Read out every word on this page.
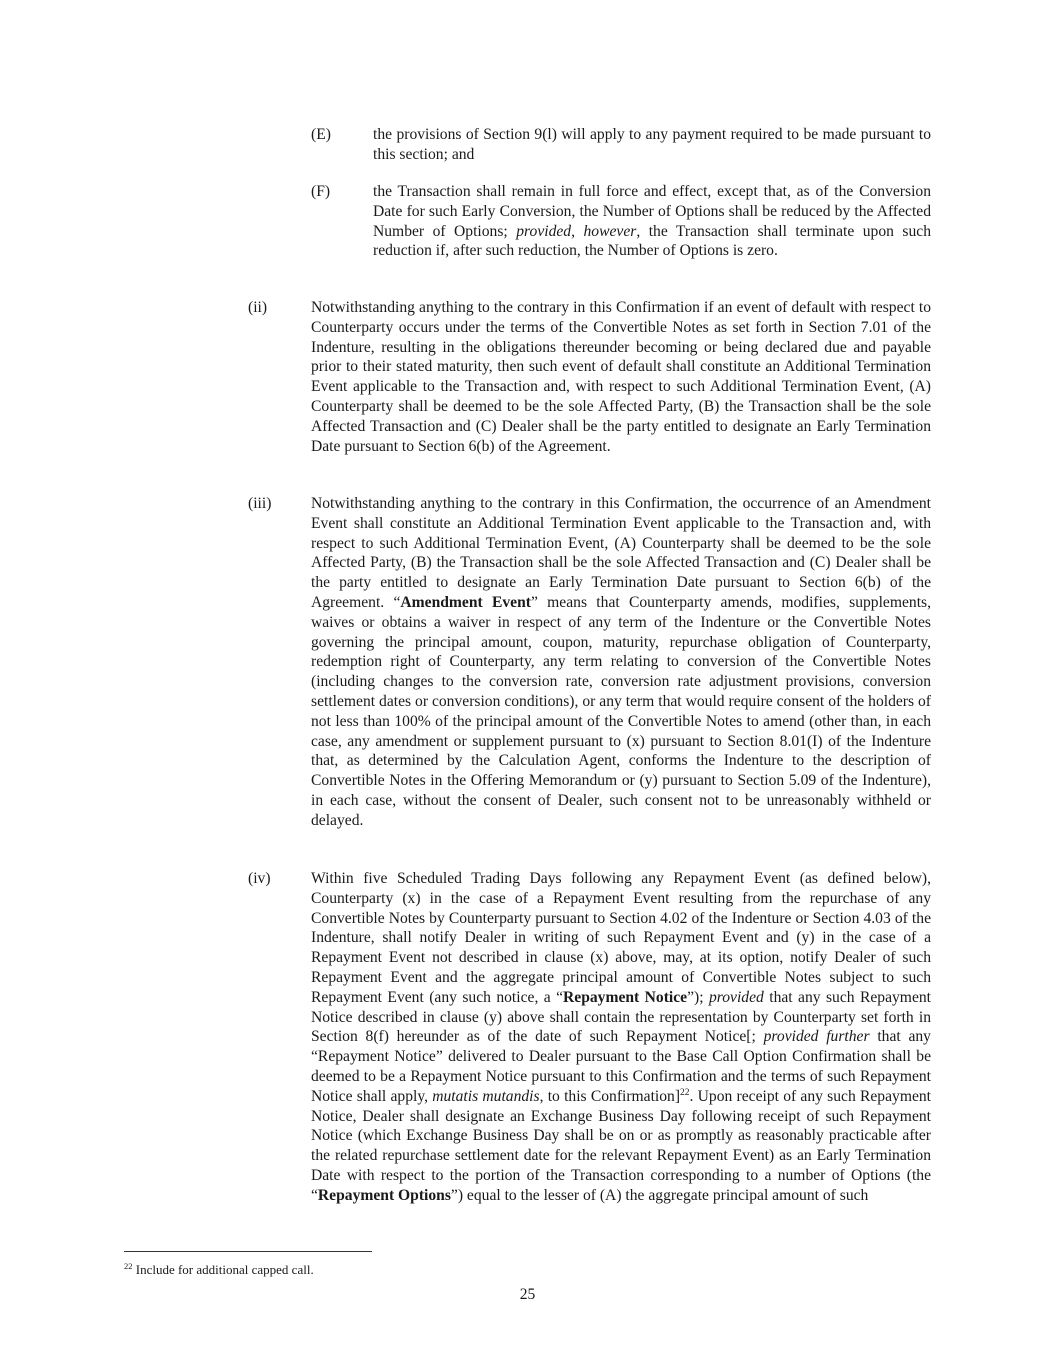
(E)	the provisions of Section 9(l) will apply to any payment required to be made pursuant to this section; and

(F)	the Transaction shall remain in full force and effect, except that, as of the Conversion Date for such Early Conversion, the Number of Options shall be reduced by the Affected Number of Options; provided, however, the Transaction shall terminate upon such reduction if, after such reduction, the Number of Options is zero.

(ii)	Notwithstanding anything to the contrary in this Confirmation if an event of default with respect to Counterparty occurs under the terms of the Convertible Notes as set forth in Section 7.01 of the Indenture, resulting in the obligations thereunder becoming or being declared due and payable prior to their stated maturity, then such event of default shall constitute an Additional Termination Event applicable to the Transaction and, with respect to such Additional Termination Event, (A) Counterparty shall be deemed to be the sole Affected Party, (B) the Transaction shall be the sole Affected Transaction and (C) Dealer shall be the party entitled to designate an Early Termination Date pursuant to Section 6(b) of the Agreement.

(iii)	Notwithstanding anything to the contrary in this Confirmation, the occurrence of an Amendment Event shall constitute an Additional Termination Event applicable to the Transaction and, with respect to such Additional Termination Event, (A) Counterparty shall be deemed to be the sole Affected Party, (B) the Transaction shall be the sole Affected Transaction and (C) Dealer shall be the party entitled to designate an Early Termination Date pursuant to Section 6(b) of the Agreement. “Amendment Event” means that Counterparty amends, modifies, supplements, waives or obtains a waiver in respect of any term of the Indenture or the Convertible Notes governing the principal amount, coupon, maturity, repurchase obligation of Counterparty, redemption right of Counterparty, any term relating to conversion of the Convertible Notes (including changes to the conversion rate, conversion rate adjustment provisions, conversion settlement dates or conversion conditions), or any term that would require consent of the holders of not less than 100% of the principal amount of the Convertible Notes to amend (other than, in each case, any amendment or supplement pursuant to (x) pursuant to Section 8.01(I) of the Indenture that, as determined by the Calculation Agent, conforms the Indenture to the description of Convertible Notes in the Offering Memorandum or (y) pursuant to Section 5.09 of the Indenture), in each case, without the consent of Dealer, such consent not to be unreasonably withheld or delayed.

(iv)	Within five Scheduled Trading Days following any Repayment Event (as defined below), Counterparty (x) in the case of a Repayment Event resulting from the repurchase of any Convertible Notes by Counterparty pursuant to Section 4.02 of the Indenture or Section 4.03 of the Indenture, shall notify Dealer in writing of such Repayment Event and (y) in the case of a Repayment Event not described in clause (x) above, may, at its option, notify Dealer of such Repayment Event and the aggregate principal amount of Convertible Notes subject to such Repayment Event (any such notice, a “Repayment Notice”); provided that any such Repayment Notice described in clause (y) above shall contain the representation by Counterparty set forth in Section 8(f) hereunder as of the date of such Repayment Notice[; provided further that any “Repayment Notice” delivered to Dealer pursuant to the Base Call Option Confirmation shall be deemed to be a Repayment Notice pursuant to this Confirmation and the terms of such Repayment Notice shall apply, mutatis mutandis, to this Confirmation]$^{22}$. Upon receipt of any such Repayment Notice, Dealer shall designate an Exchange Business Day following receipt of such Repayment Notice (which Exchange Business Day shall be on or as promptly as reasonably practicable after the related repurchase settlement date for the relevant Repayment Event) as an Early Termination Date with respect to the portion of the Transaction corresponding to a number of Options (the “Repayment Options”) equal to the lesser of (A) the aggregate principal amount of such

$^{22}$ Include for additional capped call.
25
